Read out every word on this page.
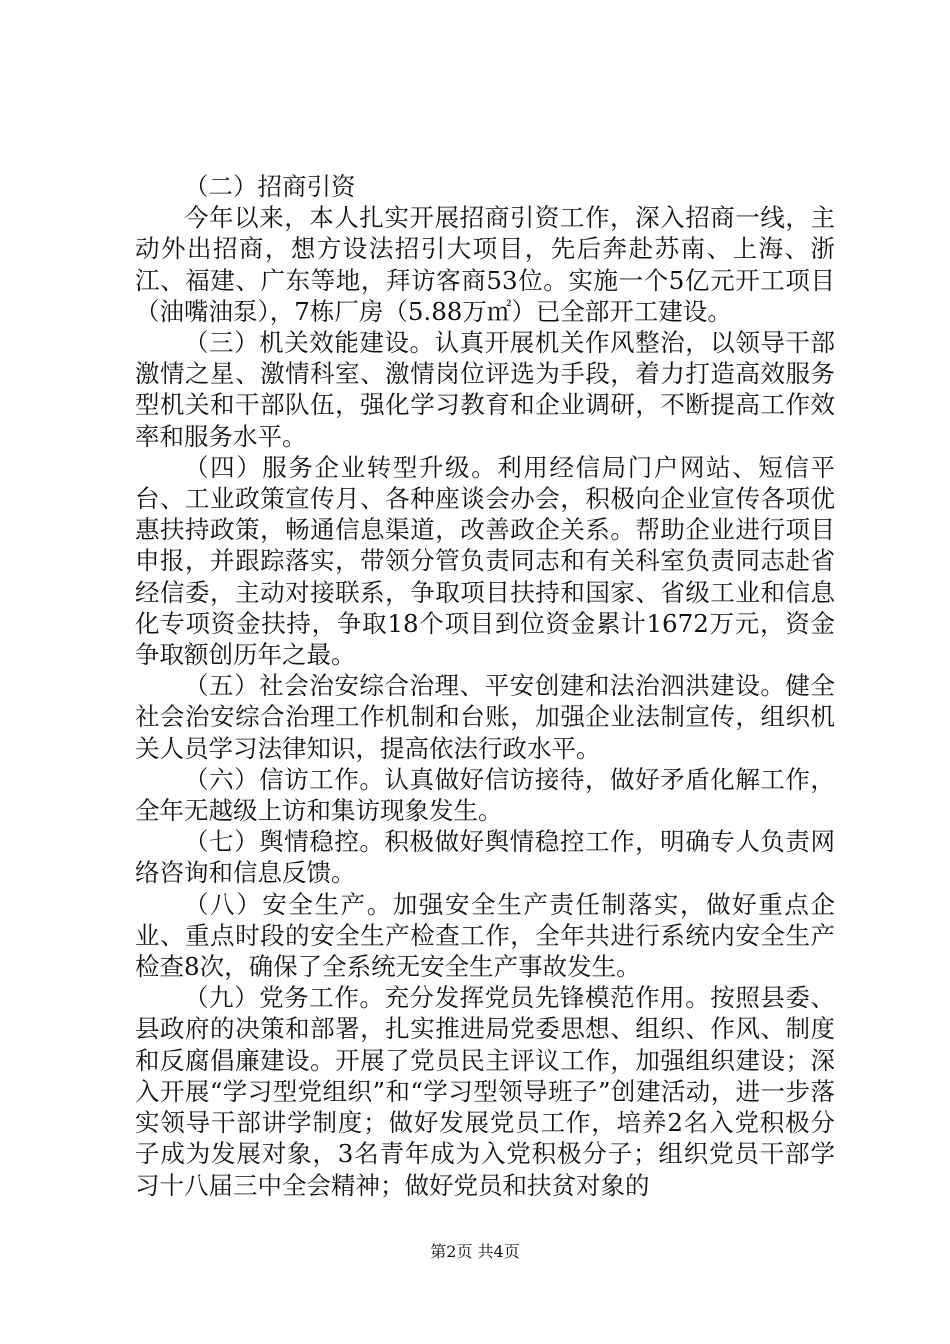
（二）招商引资

今年以来，本人扎实开展招商引资工作，深入招商一线，主动外出招商，想方设法招引大项目，先后奔赴苏南、上海、浙江、福建、广东等地，拜访客商53位。实施一个5亿元开工项目（油嘴油泵），7栋厂房（5.88万㎡）已全部开工建设。

（三）机关效能建设。认真开展机关作风整治，以领导干部激情之星、激情科室、激情岗位评选为手段，着力打造高效服务型机关和干部队伍，强化学习教育和企业调研，不断提高工作效率和服务水平。

（四）服务企业转型升级。利用经信局门户网站、短信平台、工业政策宣传月、各种座谈会办会，积极向企业宣传各项优惠扶持政策，畅通信息渠道，改善政企关系。帮助企业进行项目申报，并跟踪落实，带领分管负责同志和有关科室负责同志赴省经信委，主动对接联系，争取项目扶持和国家、省级工业和信息化专项资金扶持，争取18个项目到位资金累计1672万元，资金争取额创历年之最。

（五）社会治安综合治理、平安创建和法治泗洪建设。健全社会治安综合治理工作机制和台账，加强企业法制宣传，组织机关人员学习法律知识，提高依法行政水平。

（六）信访工作。认真做好信访接待，做好矛盾化解工作，全年无越级上访和集访现象发生。

（七）舆情稳控。积极做好舆情稳控工作，明确专人负责网络咨询和信息反馈。

（八）安全生产。加强安全生产责任制落实，做好重点企业、重点时段的安全生产检查工作，全年共进行系统内安全生产检查8次，确保了全系统无安全生产事故发生。

（九）党务工作。充分发挥党员先锋模范作用。按照县委、县政府的决策和部署，扎实推进局党委思想、组织、作风、制度和反腐倡廉建设。开展了党员民主评议工作，加强组织建设；深入开展“学习型党组织”和“学习型领导班子”创建活动，进一步落实领导干部讲学制度；做好发展党员工作，培养2名入党积极分子成为发展对象，3名青年成为入党积极分子；组织党员干部学习十八届三中全会精神；做好党员和扶贫对象的

第2页 共4页
